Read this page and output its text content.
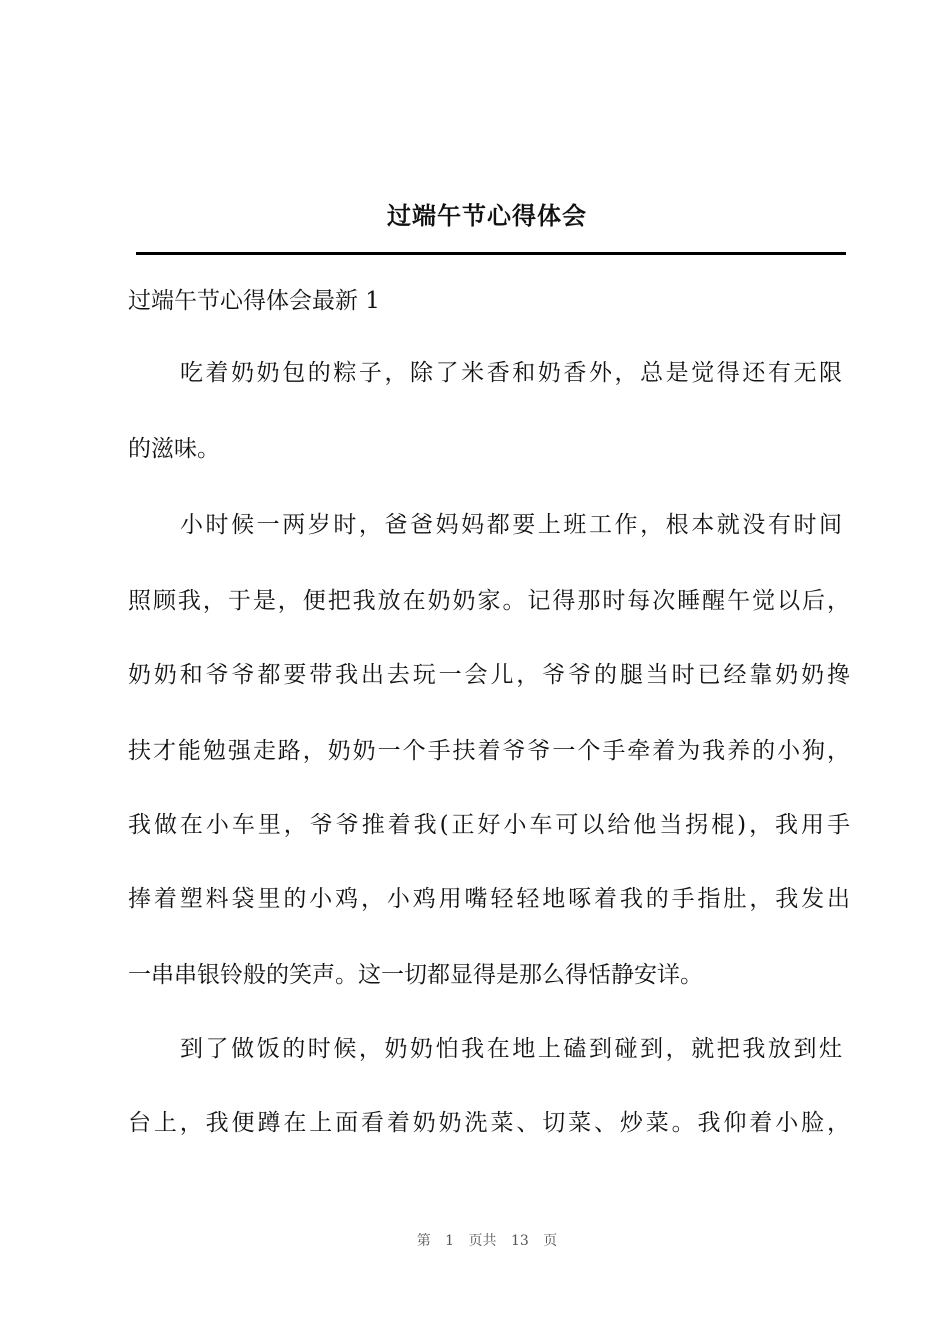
过端午节心得体会

过端午节心得体会最新 1

吃着奶奶包的粽子，除了米香和奶香外，总是觉得还有无限

的滋味。

小时候一两岁时，爸爸妈妈都要上班工作，根本就没有时间

照顾我，于是，便把我放在奶奶家。记得那时每次睡醒午觉以后，

奶奶和爷爷都要带我出去玩一会儿，爷爷的腿当时已经靠奶奶搀

扶才能勉强走路，奶奶一个手扶着爷爷一个手牵着为我养的小狗，

我做在小车里，爷爷推着我(正好小车可以给他当拐棍)，我用手

捧着塑料袋里的小鸡，小鸡用嘴轻轻地啄着我的手指肚，我发出

一串串银铃般的笑声。这一切都显得是那么得恬静安详。

到了做饭的时候，奶奶怕我在地上磕到碰到，就把我放到灶

台上，我便蹲在上面看着奶奶洗菜、切菜、炒菜。我仰着小脸，

第 1 页共 13 页
